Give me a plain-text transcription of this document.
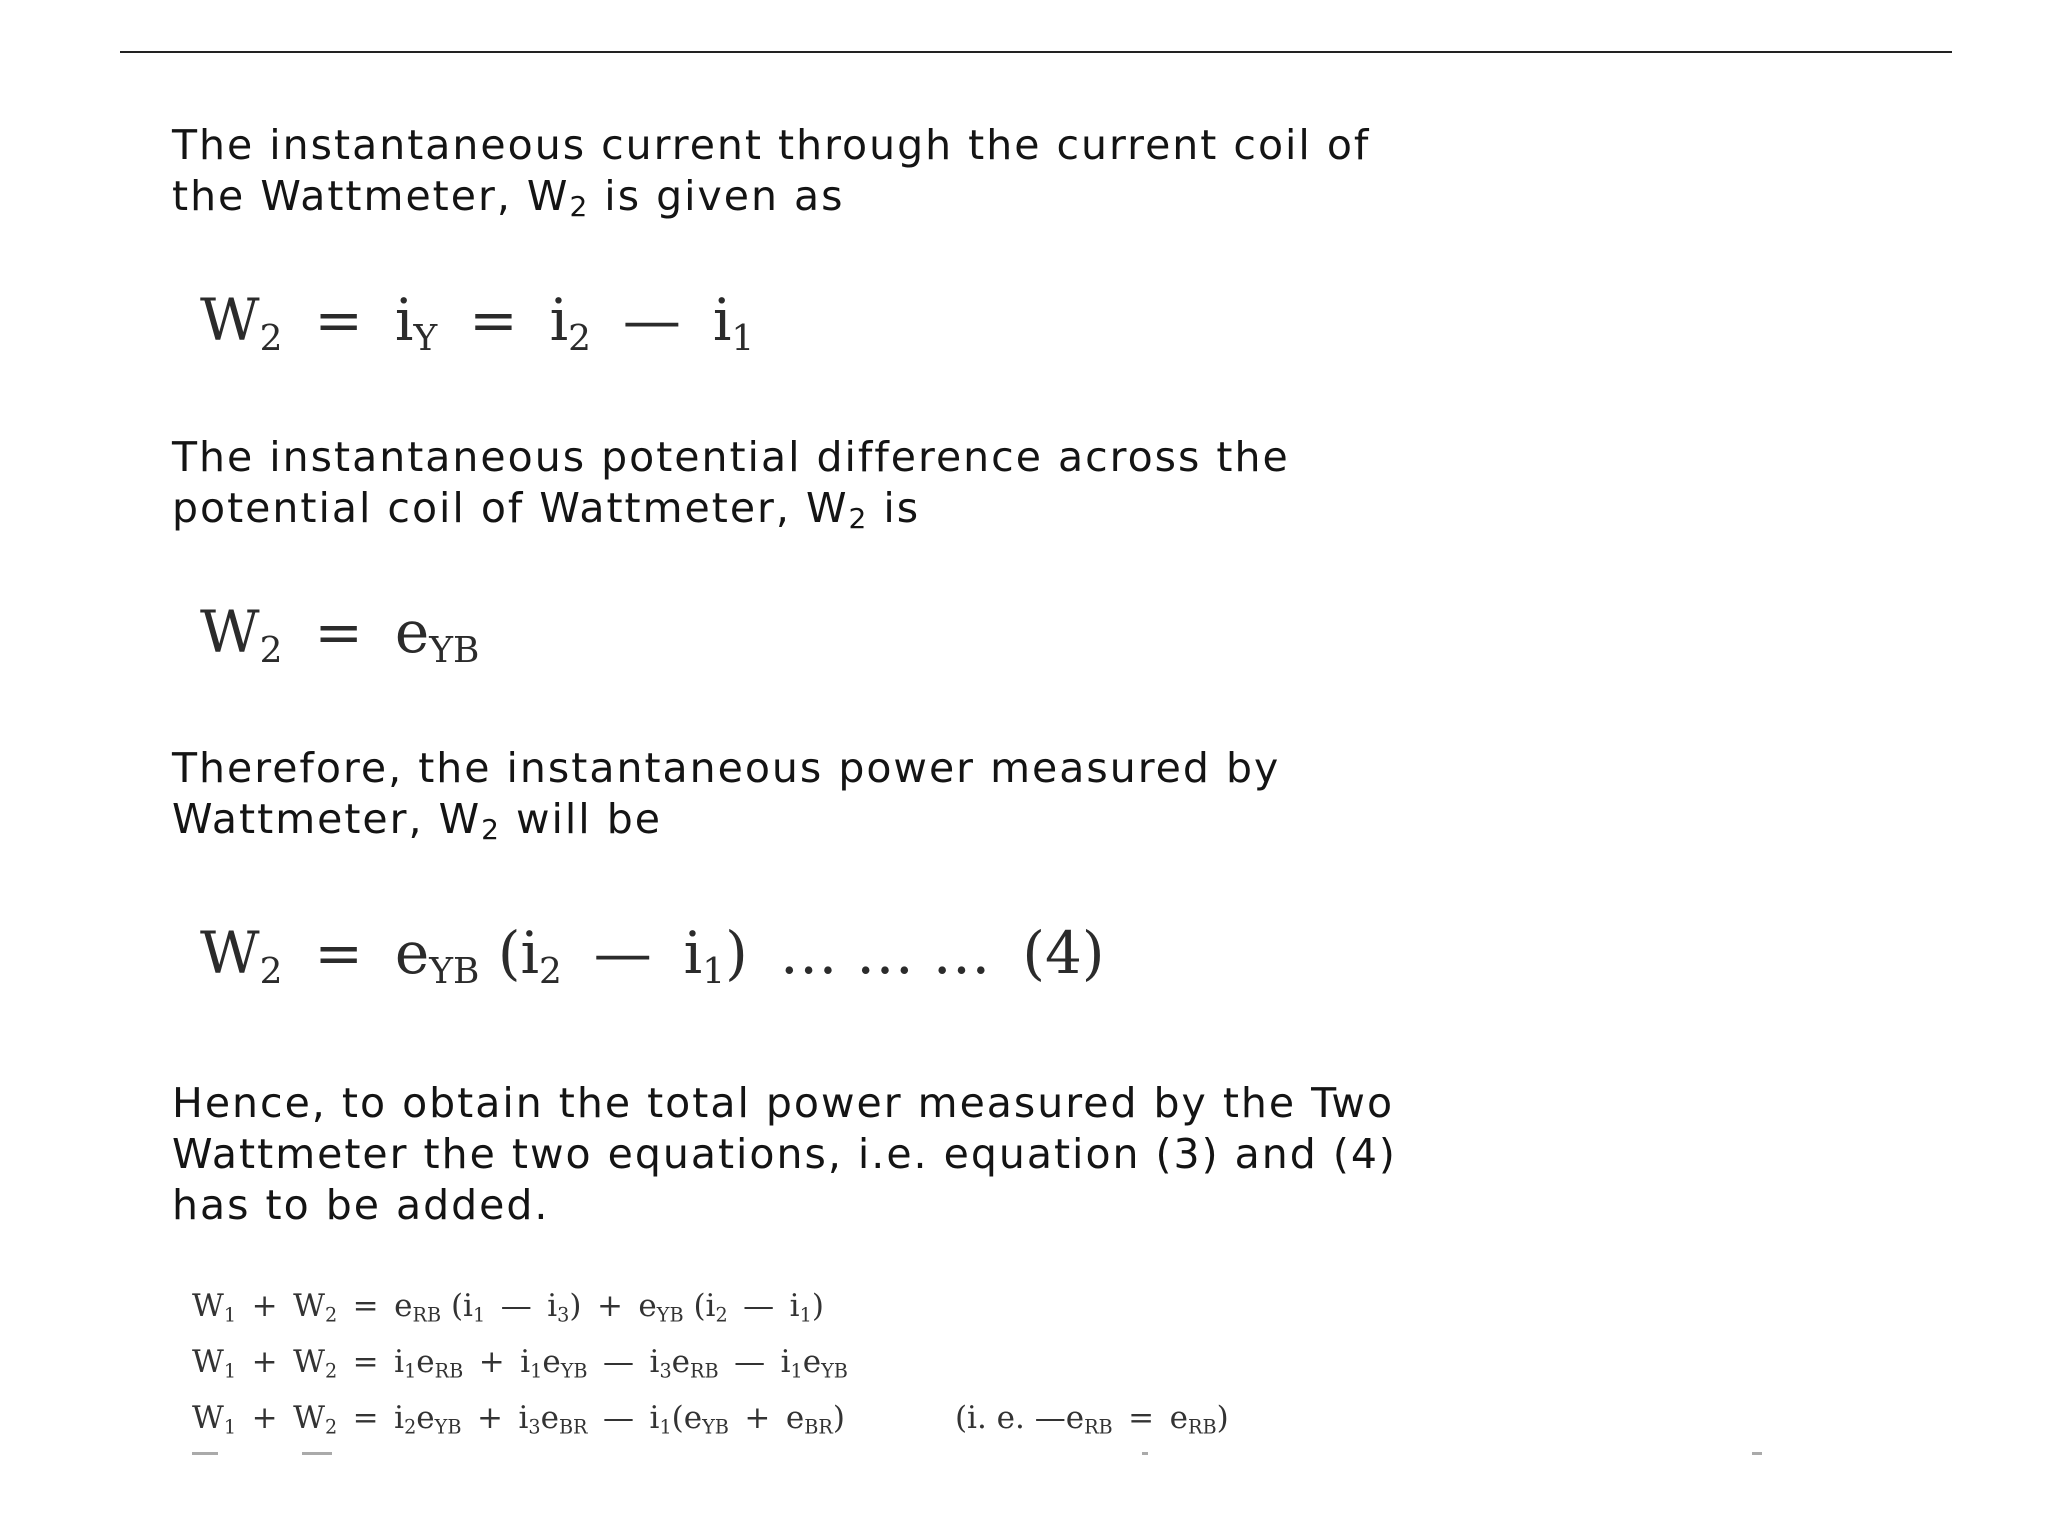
The instantaneous current through the current coil of
the Wattmeter, $W_2$ is given as
$W_2 = i_Y = i_2$ — $i_1$
The instantaneous potential difference across the
potential coil of Wattmeter, $W_2$ is
$W_2 = e_{YB}$
Therefore, the instantaneous power measured by
Wattmeter, $W_2$ will be
$W_2 = e_{YB}$ ($i_2$ — $i_1$) … … … (4)
Hence, to obtain the total power measured by the Two
Wattmeter the two equations, i.e. equation (3) and (4)
has to be added.
$W_1 + W_2 = e_{RB}$ ($i_1$ — $i_3) + e_{YB}$ ($i_2$ — $i_1$)
$W_1 + W_2 = i_1e_{RB} + i_1e_{YB}$ — $i_3e_{RB}$ — $i_1e_{YB}$
$W_1 + W_2 = i_2e_{YB} + i_3e_{BR}$ — $i_1(e_{YB} + e_{BR})$	(i. e. $—e_{RB} = e_{RB}$)
